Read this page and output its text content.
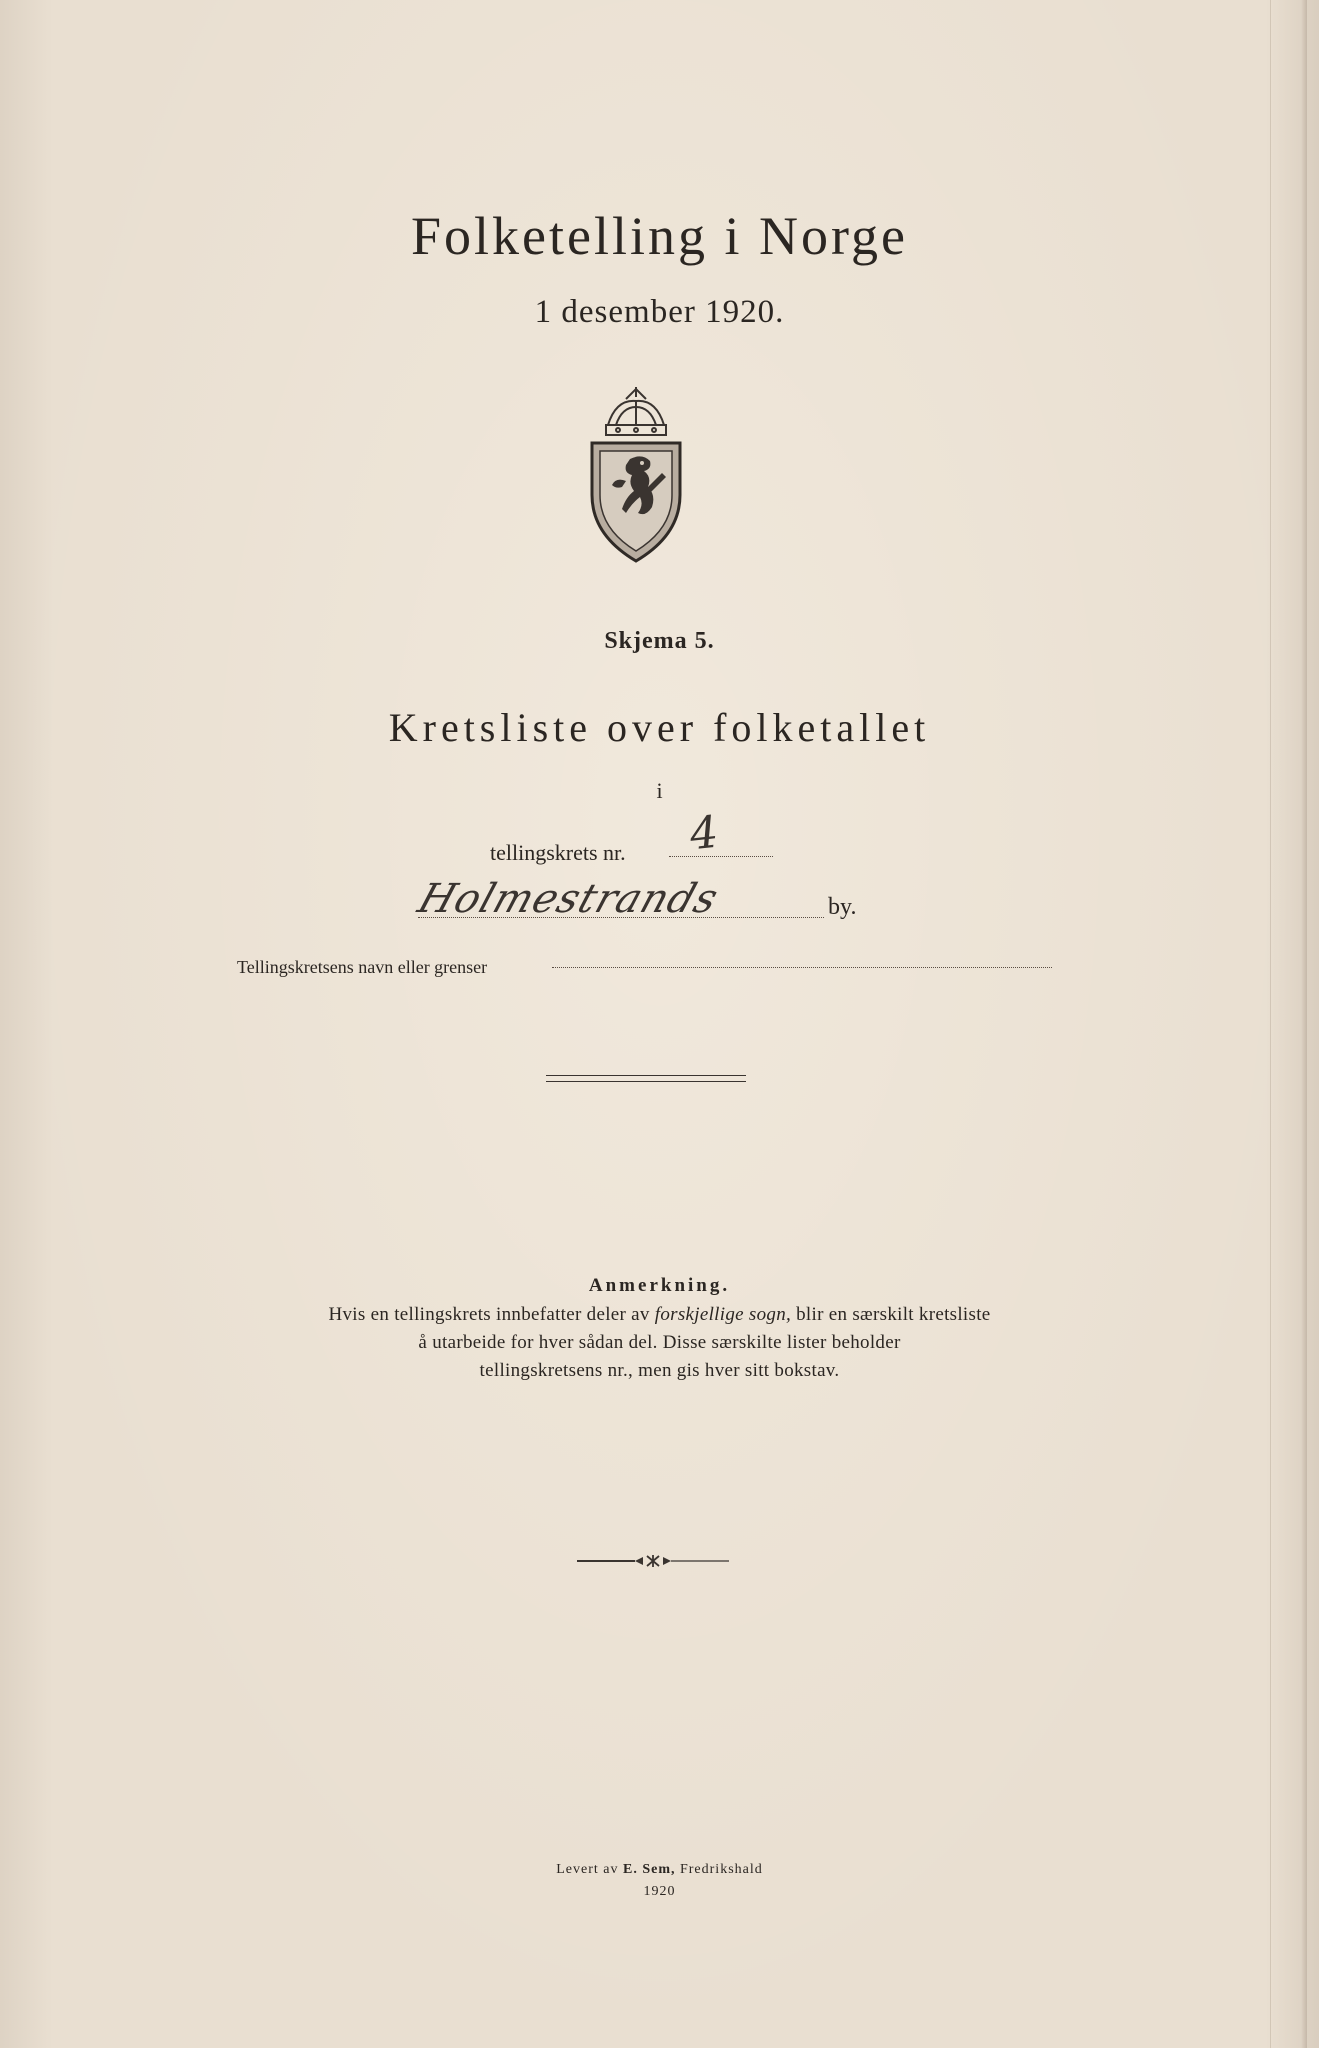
Folketelling i Norge
1 desember 1920.
Skjema 5.
Kretsliste over folketallet
i
tellingskrets nr. 4
Holmestrands	by.
Tellingskretsens navn eller grenser
Anmerkning.
Hvis en tellingskrets innbefatter deler av forskjellige sogn, blir en særskilt kretsliste
å utarbeide for hver sådan del. Disse særskilte lister beholder
tellingskretsens nr., men gis hver sitt bokstav.
Levert av E. Sem, Fredrikshald
1920
